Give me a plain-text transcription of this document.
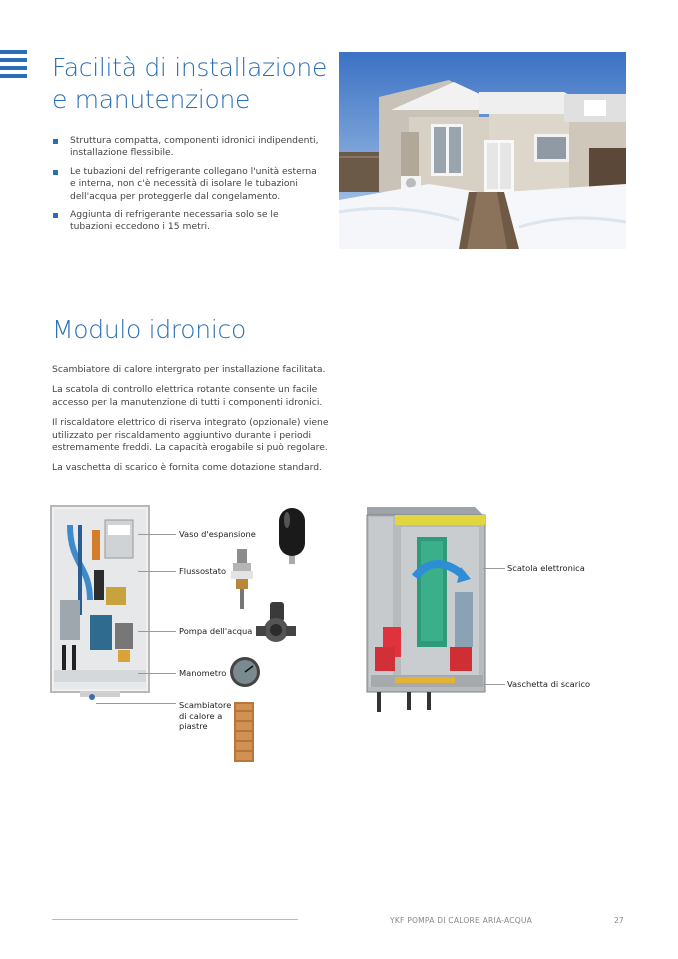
Facilità di installazione
e manutenzione
Struttura compatta, componenti idronici indipendenti, installazione flessibile.
Le tubazioni del refrigerante collegano l'unità esterna e interna, non c'è necessità di isolare le tubazioni dell'acqua per proteggerle dal congelamento.
Aggiunta di refrigerante necessaria solo se le tubazioni eccedono i 15 metri.
Modulo idronico

Scambiatore di calore intergrato per installazione facilitata.

La scatola di controllo elettrica rotante consente un facile accesso per la manutenzione di tutti i componenti idronici.

Il riscaldatore elettrico di riserva integrato (opzionale) viene utilizzato per riscaldamento aggiuntivo durante i periodi estremamente freddi. La capacità erogabile si può regolare.

La vaschetta di scarico è fornita come dotazione standard.

Vaso d'espansione
Flussostato
Pompa dell'acqua
Manometro
Scambiatore
di calore a
piastre
Scatola elettronica
Vaschetta di scarico
YKF POMPA DI CALORE ARIA-ACQUA	27
